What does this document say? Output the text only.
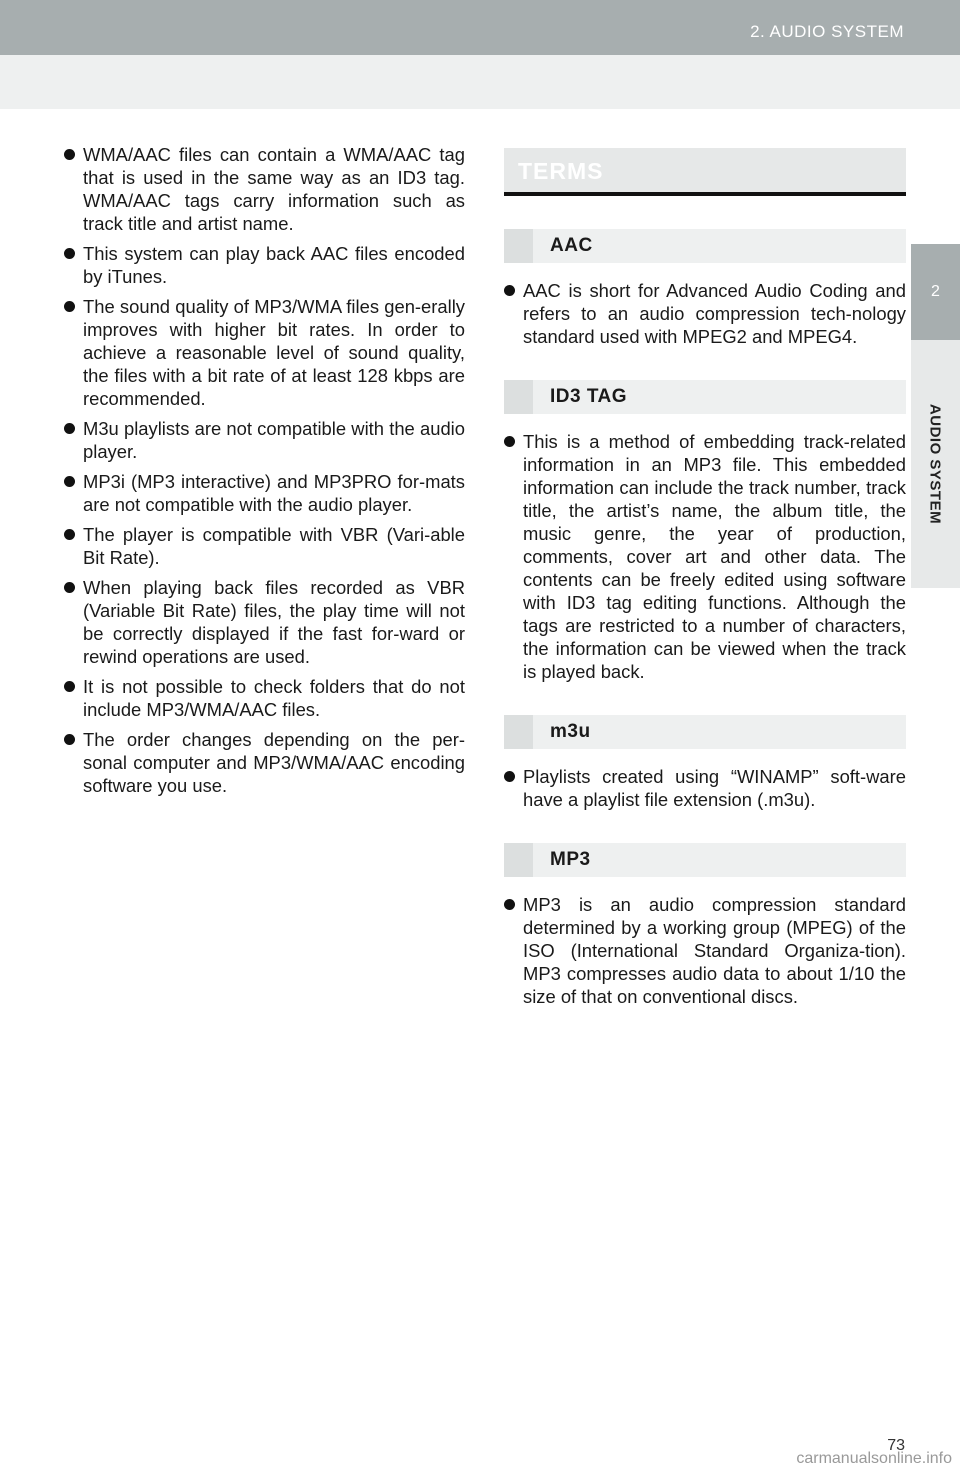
2. AUDIO SYSTEM
2
AUDIO SYSTEM
WMA/AAC files can contain a WMA/AAC tag that is used in the same way as an ID3 tag. WMA/AAC tags carry information such as track title and artist name.
This system can play back AAC files encoded by iTunes.
The sound quality of MP3/WMA files gen-erally improves with higher bit rates. In order to achieve a reasonable level of sound quality, the files with a bit rate of at least 128 kbps are recommended.
M3u playlists are not compatible with the audio player.
MP3i (MP3 interactive) and MP3PRO for-mats are not compatible with the audio player.
The player is compatible with VBR (Vari-able Bit Rate).
When playing back files recorded as VBR (Variable Bit Rate) files, the play time will not be correctly displayed if the fast for-ward or rewind operations are used.
It is not possible to check folders that do not include MP3/WMA/AAC files.
The order changes depending on the per-sonal computer and MP3/WMA/AAC encoding software you use.
TERMS
AAC
AAC is short for Advanced Audio Coding and refers to an audio compression tech-nology standard used with MPEG2 and MPEG4.
ID3 TAG
This is a method of embedding track-related information in an MP3 file. This embedded information can include the track number, track title, the artist’s name, the album title, the music genre, the year of production, comments, cover art and other data. The contents can be freely edited using software with ID3 tag editing functions. Although the tags are restricted to a number of characters, the information can be viewed when the track is played back.
m3u
Playlists created using “WINAMP” soft-ware have a playlist file extension (.m3u).
MP3
MP3 is an audio compression standard determined by a working group (MPEG) of the ISO (International Standard Organiza-tion). MP3 compresses audio data to about 1/10 the size of that on conventional discs.
73
carmanualsonline.info
